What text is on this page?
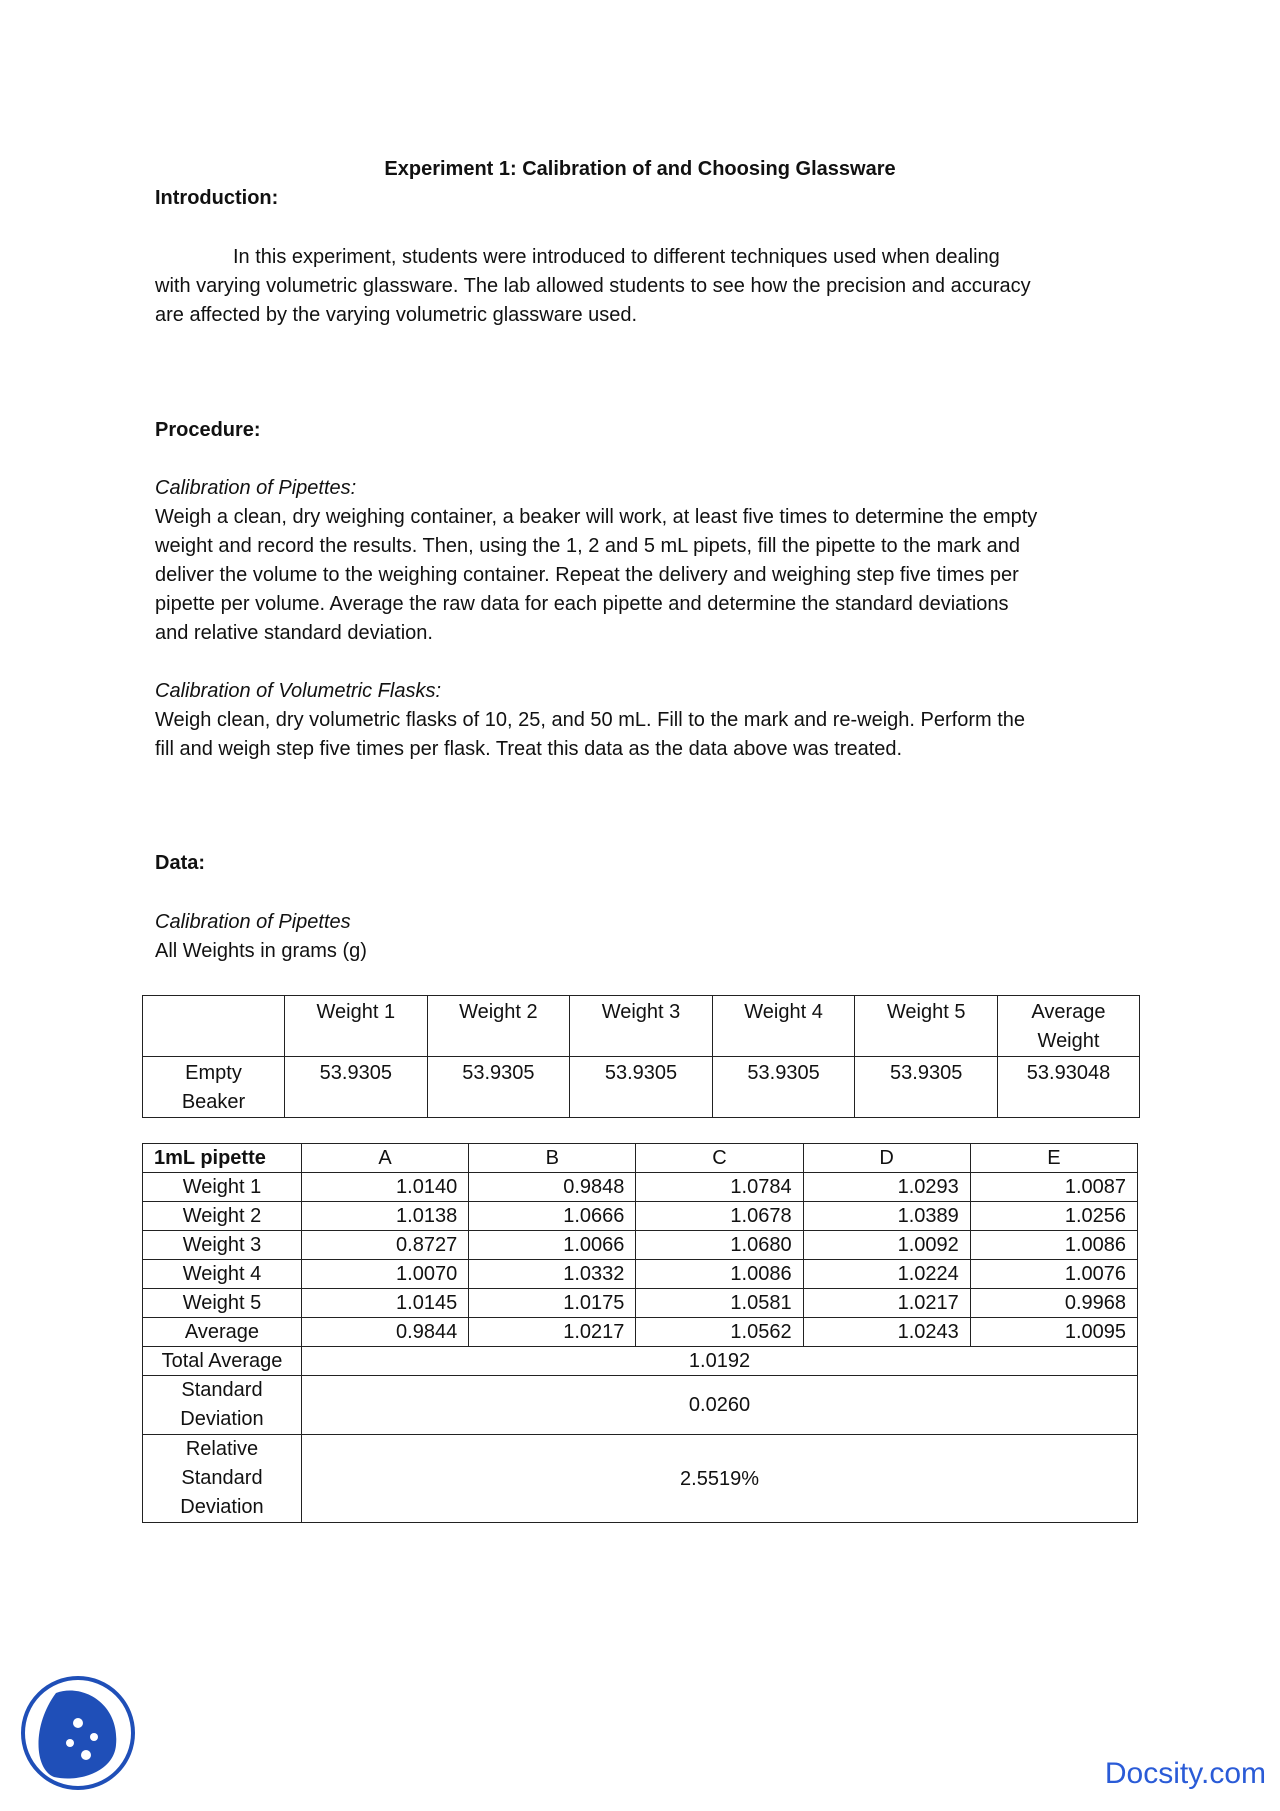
Experiment 1: Calibration of and Choosing Glassware
Introduction:
In this experiment, students were introduced to different techniques used when dealing
with varying volumetric glassware. The lab allowed students to see how the precision and accuracy
are affected by the varying volumetric glassware used.
Procedure:
Calibration of Pipettes:
Weigh a clean, dry weighing container, a beaker will work, at least five times to determine the empty
weight and record the results. Then, using the 1, 2 and 5 mL pipets, fill the pipette to the mark and
deliver the volume to the weighing container. Repeat the delivery and weighing step five times per
pipette per volume. Average the raw data for each pipette and determine the standard deviations
and relative standard deviation.
Calibration of Volumetric Flasks:
Weigh clean, dry volumetric flasks of 10, 25, and 50 mL. Fill to the mark and re-weigh. Perform the
fill and weigh step five times per flask. Treat this data as the data above was treated.
Data:
Calibration of Pipettes
All Weights in grams (g)
	Weight 1	Weight 2	Weight 3	Weight 4	Weight 5	Average Weight
Empty Beaker	53.9305	53.9305	53.9305	53.9305	53.9305	53.93048
1mL pipette	A	B	C	D	E
Weight 1	1.0140	0.9848	1.0784	1.0293	1.0087
Weight 2	1.0138	1.0666	1.0678	1.0389	1.0256
Weight 3	0.8727	1.0066	1.0680	1.0092	1.0086
Weight 4	1.0070	1.0332	1.0086	1.0224	1.0076
Weight 5	1.0145	1.0175	1.0581	1.0217	0.9968
Average	0.9844	1.0217	1.0562	1.0243	1.0095
Total Average	1.0192				
Standard Deviation	0.0260				
Relative Standard Deviation	2.5519%				
Docsity.com
